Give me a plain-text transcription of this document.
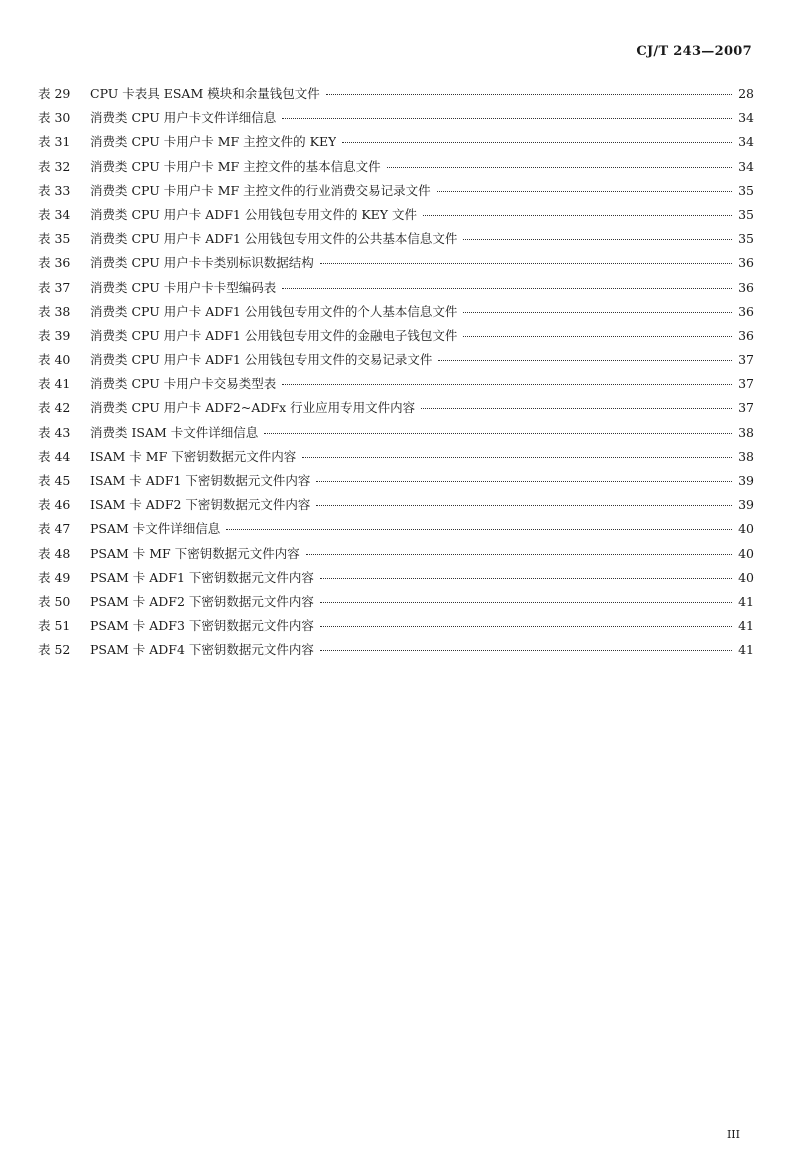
CJ/T 243—2007
表 29	CPU 卡表具 ESAM 模块和余量钱包文件	28
表 30	消费类 CPU 用户卡文件详细信息	34
表 31	消费类 CPU 卡用户卡 MF 主控文件的 KEY	34
表 32	消费类 CPU 卡用户卡 MF 主控文件的基本信息文件	34
表 33	消费类 CPU 卡用户卡 MF 主控文件的行业消费交易记录文件	35
表 34	消费类 CPU 用户卡 ADF1 公用钱包专用文件的 KEY 文件	35
表 35	消费类 CPU 用户卡 ADF1 公用钱包专用文件的公共基本信息文件	35
表 36	消费类 CPU 用户卡卡类别标识数据结构	36
表 37	消费类 CPU 卡用户卡卡型编码表	36
表 38	消费类 CPU 用户卡 ADF1 公用钱包专用文件的个人基本信息文件	36
表 39	消费类 CPU 用户卡 ADF1 公用钱包专用文件的金融电子钱包文件	36
表 40	消费类 CPU 用户卡 ADF1 公用钱包专用文件的交易记录文件	37
表 41	消费类 CPU 卡用户卡交易类型表	37
表 42	消费类 CPU 用户卡 ADF2~ADFx 行业应用专用文件内容	37
表 43	消费类 ISAM 卡文件详细信息	38
表 44	ISAM 卡 MF 下密钥数据元文件内容	38
表 45	ISAM 卡 ADF1 下密钥数据元文件内容	39
表 46	ISAM 卡 ADF2 下密钥数据元文件内容	39
表 47	PSAM 卡文件详细信息	40
表 48	PSAM 卡 MF 下密钥数据元文件内容	40
表 49	PSAM 卡 ADF1 下密钥数据元文件内容	40
表 50	PSAM 卡 ADF2 下密钥数据元文件内容	41
表 51	PSAM 卡 ADF3 下密钥数据元文件内容	41
表 52	PSAM 卡 ADF4 下密钥数据元文件内容	41
III
